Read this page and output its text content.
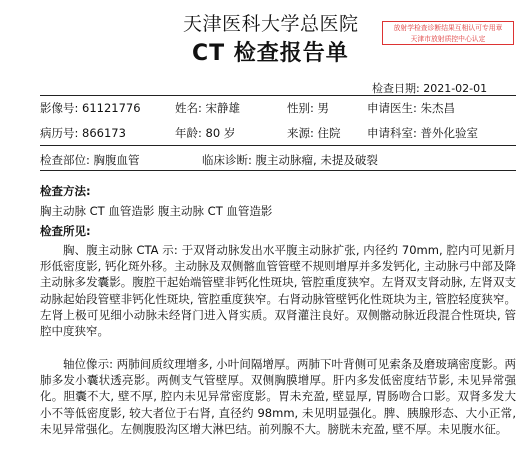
天津医科大学总医院
CT 检查报告单
放射学检查诊断结果互相认可专用章
天津市放射质控中心认定
检查日期: 2021-02-01
影像号: 61121776	姓名: 宋静雄	性别: 男	申请医生: 朱杰昌
病历号: 866173	年龄: 80 岁	来源: 住院 申请科室: 普外化验室
检查部位: 胸腹血管	临床诊断: 腹主动脉瘤, 未提及破裂
检查方法:
胸主动脉 CT 血管造影 腹主动脉 CT 血管造影
检查所见:
胸、腹主动脉 CTA 示: 于双肾动脉发出水平腹主动脉扩张, 内径约 70mm, 腔内可见新月形低密度影, 钙化斑外移。主动脉及双侧髂血管管壁不规则增厚并多发钙化, 主动脉弓中部及降主动脉多发囊影。腹腔干起始端管壁非钙化性斑块, 管腔重度狭窄。左肾双支肾动脉, 左肾双支动脉起始段管壁非钙化性斑块, 管腔重度狭窄。右肾动脉管壁钙化性斑块为主, 管腔轻度狭窄。左肾上极可见细小动脉未经肾门进入肾实质。双肾灌注良好。双侧髂动脉近段混合性斑块, 管腔中度狭窄。
轴位像示: 两肺间质纹理增多, 小叶间隔增厚。两肺下叶背侧可见索条及磨玻璃密度影。两肺多发小囊状透亮影。两侧支气管壁厚。双侧胸膜增厚。肝内多发低密度结节影, 未见异常强化。胆囊不大, 壁不厚, 腔内未见异常密度影。胃未充盈, 壁显厚, 胃肠吻合口影。双肾多发大小不等低密度影, 较大者位于右肾, 直径约 98mm, 未见明显强化。脾、胰腺形态、大小正常, 未见异常强化。左侧腹股沟区增大淋巴结。前列腺不大。膀胱未充盈, 壁不厚。未见腹水征。
